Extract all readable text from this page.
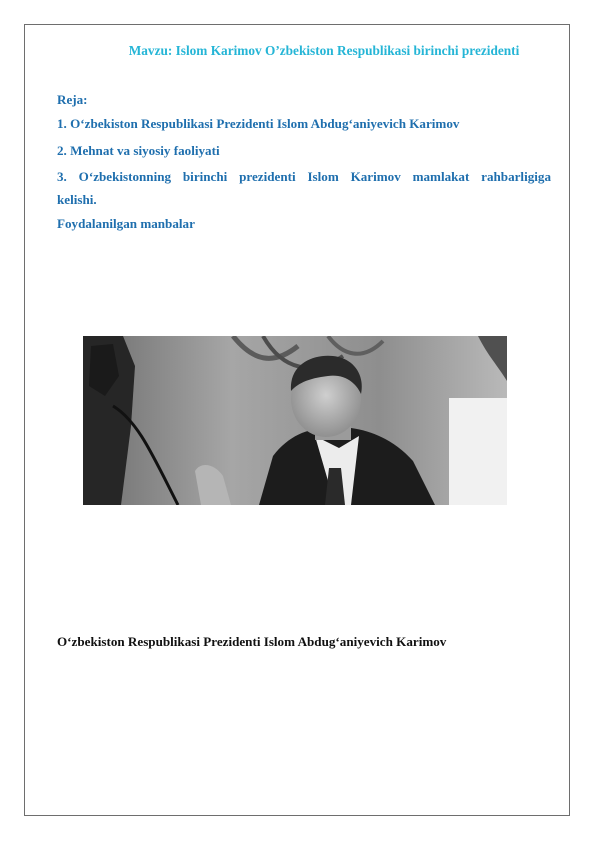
Mavzu: Islom Karimov O’zbekiston Respublikasi birinchi prezidenti
Reja:
1. O‘zbekiston Respublikasi Prezidenti Islom Abdug‘aniyevich Karimov
2. Mehnat va siyosiy faoliyati
3. O‘zbekistonning birinchi prezidenti Islom Karimov mamlakat rahbarligiga
kelishi.
Foydalanilgan manbalar
O‘zbekiston Respublikasi Prezidenti Islom Abdug‘aniyevich Karimov
